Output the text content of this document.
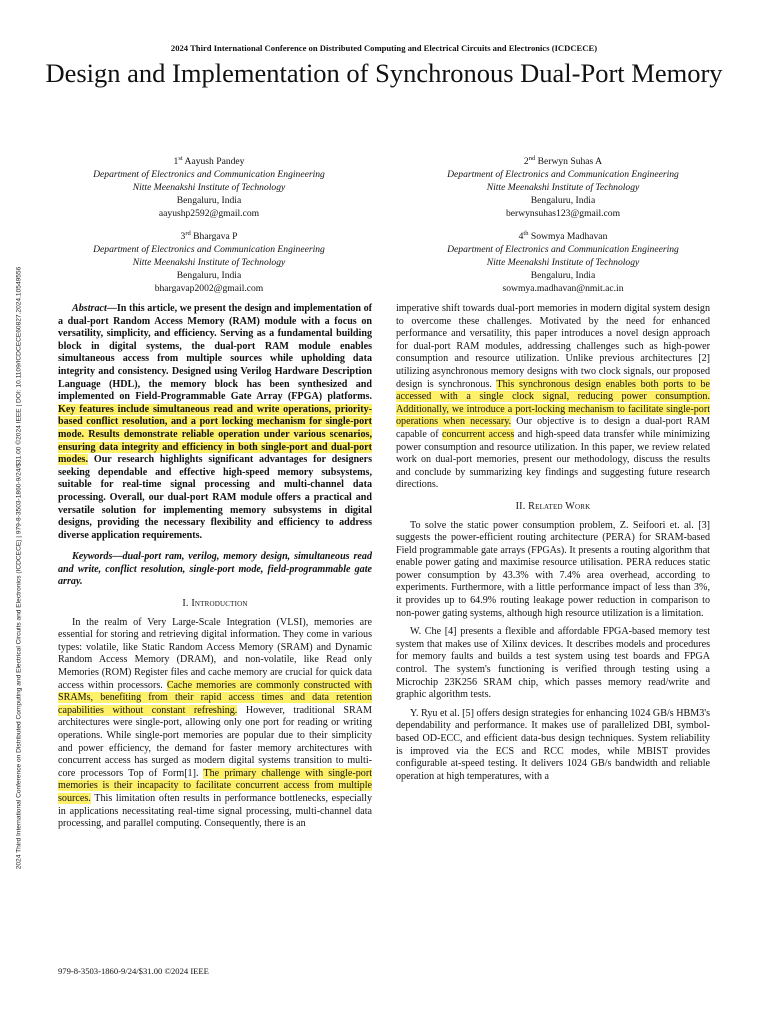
2024 Third International Conference on Distributed Computing and Electrical Circuits and Electronics (ICDCECE) | 979-8-3503-1860-9/24/$31.00 ©2024 IEEE | DOI: 10.1109/ICDCECE60827.2024.10549556
2024 Third International Conference on Distributed Computing and Electrical Circuits and Electronics (ICDCECE)
Design and Implementation of Synchronous Dual-Port Memory
1st Aayush Pandey
Department of Electronics and Communication Engineering
Nitte Meenakshi Institute of Technology
Bengaluru, India
aayushp2592@gmail.com
2nd Berwyn Suhas A
Department of Electronics and Communication Engineering
Nitte Meenakshi Institute of Technology
Bengaluru, India
berwynsuhas123@gmail.com
3rd Bhargava P
Department of Electronics and Communication Engineering
Nitte Meenakshi Institute of Technology
Bengaluru, India
bhargavap2002@gmail.com
4th Sowmya Madhavan
Department of Electronics and Communication Engineering
Nitte Meenakshi Institute of Technology
Bengaluru, India
sowmya.madhavan@nmit.ac.in

Abstract—In this article, we present the design and implementation of a dual-port Random Access Memory (RAM) module with a focus on versatility, simplicity, and efficiency. Serving as a fundamental building block in digital systems, the dual-port RAM module enables simultaneous access from multiple sources while upholding data integrity and consistency. Designed using Verilog Hardware Description Language (HDL), the memory block has been synthesized and implemented on Field-Programmable Gate Array (FPGA) platforms. Key features include simultaneous read and write operations, priority-based conflict resolution, and a port locking mechanism for single-port mode. Results demonstrate reliable operation under various scenarios, ensuring data integrity and efficiency in both single-port and dual-port modes. Our research highlights significant advantages for designers seeking dependable and effective high-speed memory subsystems, suitable for real-time signal processing and multi-channel data processing. Overall, our dual-port RAM module offers a practical and versatile solution for implementing memory subsystems in digital designs, providing the necessary flexibility and efficiency to address diverse application requirements.

Keywords—dual-port ram, verilog, memory design, simultaneous read and write, conflict resolution, single-port mode, field-programmable gate array.

I. Introduction

In the realm of Very Large-Scale Integration (VLSI), memories are essential for storing and retrieving digital information. They come in various types: volatile, like Static Random Access Memory (SRAM) and Dynamic Random Access Memory (DRAM), and non-volatile, like Read only Memories (ROM) Register files and cache memory are crucial for quick data access within processors. Cache memories are commonly constructed with SRAMs, benefiting from their rapid access times and data retention capabilities without constant refreshing. However, traditional SRAM architectures were single-port, allowing only one port for reading or writing operations. While single-port memories are popular due to their simplicity and power efficiency, the demand for faster memory architectures with concurrent access has surged as modern digital systems transition to multi-core processors Top of Form[1]. The primary challenge with single-port memories is their incapacity to facilitate concurrent access from multiple sources. This limitation often results in performance bottlenecks, especially in applications necessitating real-time signal processing, multi-channel data processing, and parallel computing. Consequently, there is an

imperative shift towards dual-port memories in modern digital system design to overcome these challenges. Motivated by the need for enhanced performance and versatility, this paper introduces a novel design approach for dual-port RAM modules, addressing challenges such as high-power consumption and resource utilization. Unlike previous architectures [2] utilizing asynchronous memory designs with two clock signals, our proposed design is synchronous. This synchronous design enables both ports to be accessed with a single clock signal, reducing power consumption. Additionally, we introduce a port-locking mechanism to facilitate single-port operations when necessary. Our objective is to design a dual-port RAM capable of concurrent access and high-speed data transfer while minimizing power consumption and resource utilization. In this paper, we review related work on dual-port memories, present our methodology, discuss the results and conclude by summarizing key findings and suggesting future research directions.

II. Related Work

To solve the static power consumption problem, Z. Seifoori et. al. [3] suggests the power-efficient routing architecture (PERA) for SRAM-based Field programmable gate arrays (FPGAs). It presents a routing algorithm that enable power gating and maximise resource utilisation. PERA reduces static power consumption by 43.3% with 7.4% area overhead, according to experiments. Furthermore, with a little performance impact of less than 3%, it provides up to 64.9% routing leakage power reduction in comparison to non-power gating systems, although high resource utilization is a limitation.

W. Che [4] presents a flexible and affordable FPGA-based memory test system that makes use of Xilinx devices. It describes models and procedures for memory faults and builds a test system using test boards and FPGA control. The system's functioning is verified through testing using a Microchip 23K256 SRAM chip, which passes memory read/write and graphic algorithm tests.

Y. Ryu et al. [5] offers design strategies for enhancing 1024 GB/s HBM3's dependability and performance. It makes use of parallelized DBI, symbol-based OD-ECC, and efficient data-bus design techniques. System reliability is improved via the ECS and RCC modes, while MBIST provides configurable at-speed testing. It delivers 1024 GB/s bandwidth and reliable operation at high temperatures, with a

979-8-3503-1860-9/24/$31.00 ©2024 IEEE
